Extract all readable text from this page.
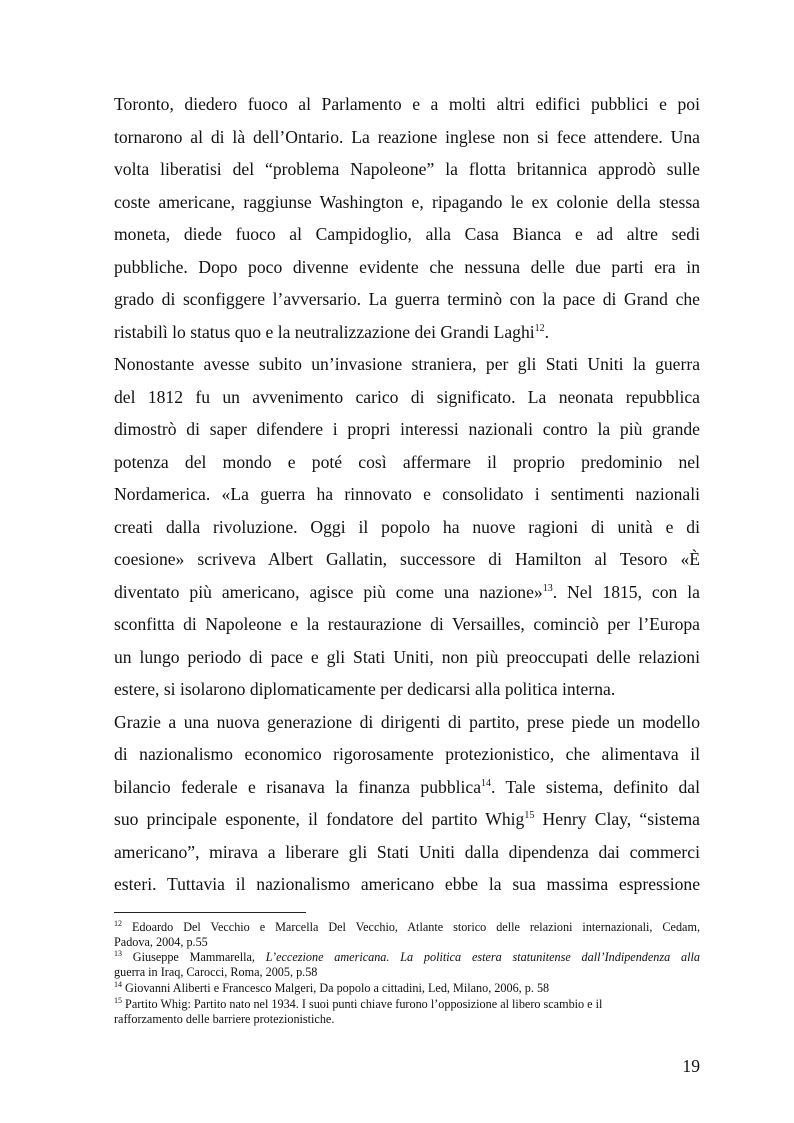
Toronto, diedero fuoco al Parlamento e a molti altri edifici pubblici e poi
tornarono al di là dell’Ontario. La reazione inglese non si fece attendere. Una
volta liberatisi del “problema Napoleone” la flotta britannica approdò sulle
coste americane, raggiunse Washington e, ripagando le ex colonie della stessa
moneta, diede fuoco al Campidoglio, alla Casa Bianca e ad altre sedi
pubbliche. Dopo poco divenne evidente che nessuna delle due parti era in
grado di sconfiggere l’avversario. La guerra terminò con la pace di Grand che
ristabilì lo status quo e la neutralizzazione dei Grandi Laghi$^{12}$.
Nonostante avesse subito un’invasione straniera, per gli Stati Uniti la guerra
del 1812 fu un avvenimento carico di significato. La neonata repubblica
dimostrò di saper difendere i propri interessi nazionali contro la più grande
potenza del mondo e poté così affermare il proprio predominio nel
Nordamerica. «La guerra ha rinnovato e consolidato i sentimenti nazionali
creati dalla rivoluzione. Oggi il popolo ha nuove ragioni di unità e di
coesione» scriveva Albert Gallatin, successore di Hamilton al Tesoro «È
diventato più americano, agisce più come una nazione»$^{13}$. Nel 1815, con la
sconfitta di Napoleone e la restaurazione di Versailles, cominciò per l’Europa
un lungo periodo di pace e gli Stati Uniti, non più preoccupati delle relazioni
estere, si isolarono diplomaticamente per dedicarsi alla politica interna.
Grazie a una nuova generazione di dirigenti di partito, prese piede un modello
di nazionalismo economico rigorosamente protezionistico, che alimentava il
bilancio federale e risanava la finanza pubblica$^{14}$. Tale sistema, definito dal
suo principale esponente, il fondatore del partito Whig$^{15}$ Henry Clay, “sistema
americano”, mirava a liberare gli Stati Uniti dalla dipendenza dai commerci
esteri. Tuttavia il nazionalismo americano ebbe la sua massima espressione
$^{12}$ Edoardo Del Vecchio e Marcella Del Vecchio, Atlante storico delle relazioni internazionali, Cedam,
Padova, 2004, p.55
$^{13}$ Giuseppe Mammarella, L’eccezione americana. La politica estera statunitense dall’Indipendenza alla
guerra in Iraq, Carocci, Roma, 2005, p.58
$^{14}$ Giovanni Aliberti e Francesco Malgeri, Da popolo a cittadini, Led, Milano, 2006, p. 58
$^{15}$ Partito Whig: Partito nato nel 1934. I suoi punti chiave furono l’opposizione al libero scambio e il
rafforzamento delle barriere protezionistiche.
19
